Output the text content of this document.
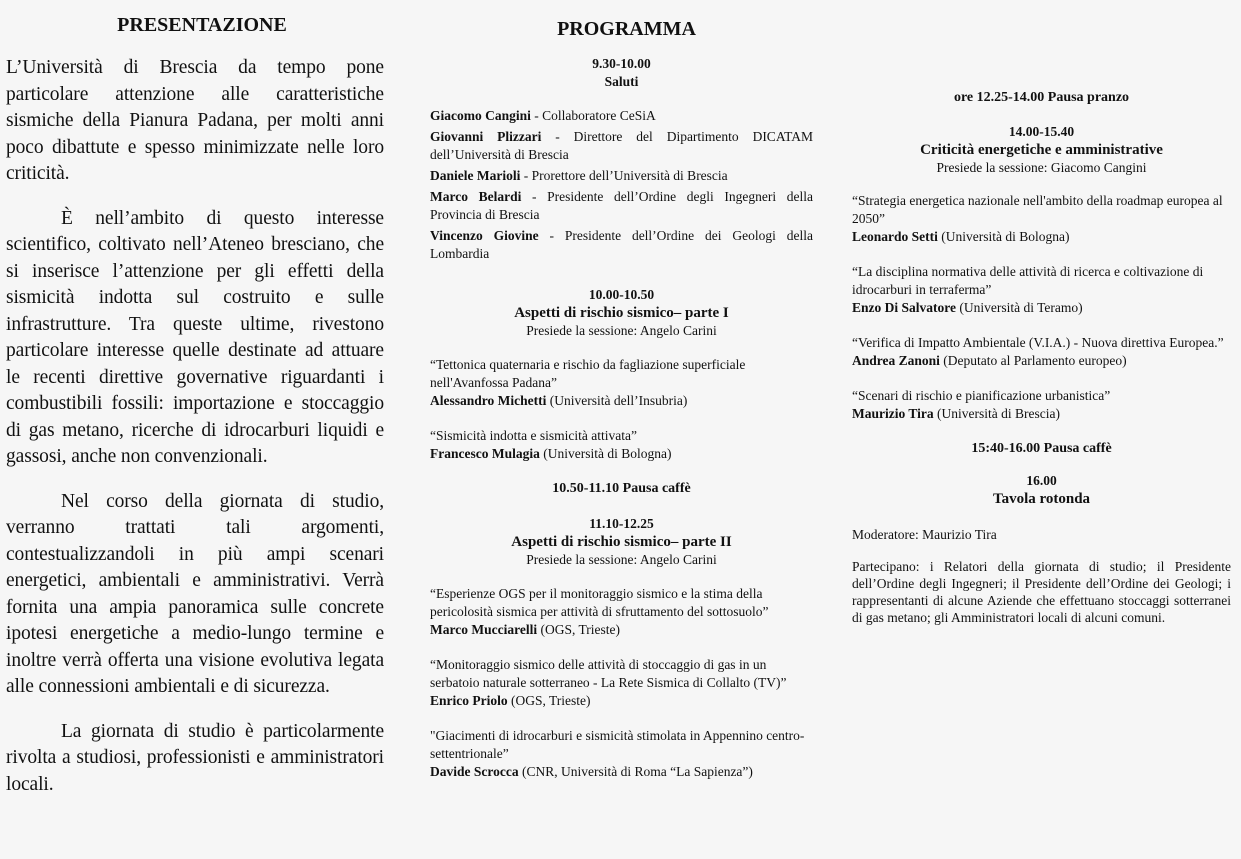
PRESENTAZIONE

L’Università di Brescia da tempo pone particolare attenzione alle caratteristiche sismiche della Pianura Padana, per molti anni poco dibattute e spesso minimizzate nelle loro criticità.

È nell’ambito di questo interesse scientifico, coltivato nell’Ateneo bresciano, che si inserisce l’attenzione per gli effetti della sismicità indotta sul costruito e sulle infrastrutture. Tra queste ultime, rivestono particolare interesse quelle destinate ad attuare le recenti direttive governative riguardanti i combustibili fossili: importazione e stoccaggio di gas metano, ricerche di idrocarburi liquidi e gassosi, anche non convenzionali.

Nel corso della giornata di studio, verranno trattati tali argomenti, contestualizzandoli in più ampi scenari energetici, ambientali e amministrativi. Verrà fornita una ampia panoramica sulle concrete ipotesi energetiche a medio-lungo termine e inoltre verrà offerta una visione evolutiva legata alle connessioni ambientali e di sicurezza.

La giornata di studio è particolarmente rivolta a studiosi, professionisti e amministratori locali.

PROGRAMMA
9.30-10.00
Saluti

Giacomo Cangini - Collaboratore CeSiA

Giovanni Plizzari - Direttore del Dipartimento DICATAM dell’Università di Brescia

Daniele Marioli - Prorettore dell’Università di Brescia

Marco Belardi - Presidente dell’Ordine degli Ingegneri della Provincia di Brescia

Vincenzo Giovine - Presidente dell’Ordine dei Geologi della Lombardia

10.00-10.50
Aspetti di rischio sismico– parte I
Presiede la sessione: Angelo Carini
“Tettonica quaternaria e rischio da fagliazione superficiale nell'Avanfossa Padana”
Alessandro Michetti (Università dell’Insubria)
“Sismicità indotta e sismicità attivata”
Francesco Mulagia (Università di Bologna)
10.50-11.10 Pausa caffè
11.10-12.25
Aspetti di rischio sismico– parte II
Presiede la sessione: Angelo Carini
“Esperienze OGS per il monitoraggio sismico e la stima della pericolosità sismica per attività di sfruttamento del sottosuolo”
Marco Mucciarelli (OGS, Trieste)
“Monitoraggio sismico delle attività di stoccaggio di gas in un serbatoio naturale sotterraneo - La Rete Sismica di Collalto (TV)”
Enrico Priolo (OGS, Trieste)
"Giacimenti di idrocarburi e sismicità stimolata in Appennino centro-settentrionale”
Davide Scrocca (CNR, Università di Roma “La Sapienza”)
ore 12.25-14.00 Pausa pranzo
14.00-15.40
Criticità energetiche e amministrative
Presiede la sessione: Giacomo Cangini
“Strategia energetica nazionale nell'ambito della roadmap europea al 2050”
Leonardo Setti (Università di Bologna)
“La disciplina normativa delle attività di ricerca e coltivazione di idrocarburi in terraferma”
Enzo Di Salvatore (Università di Teramo)
“Verifica di Impatto Ambientale (V.I.A.) - Nuova direttiva Europea.”
Andrea Zanoni (Deputato al Parlamento europeo)
“Scenari di rischio e pianificazione urbanistica”
Maurizio Tira (Università di Brescia)
15:40-16.00 Pausa caffè
16.00
Tavola rotonda

Moderatore: Maurizio Tira

Partecipano: i Relatori della giornata di studio; il Presidente dell’Ordine degli Ingegneri; il Presidente dell’Ordine dei Geologi; i rappresentanti di alcune Aziende che effettuano stoccaggi sotterranei di gas metano; gli Amministratori locali di alcuni comuni.
